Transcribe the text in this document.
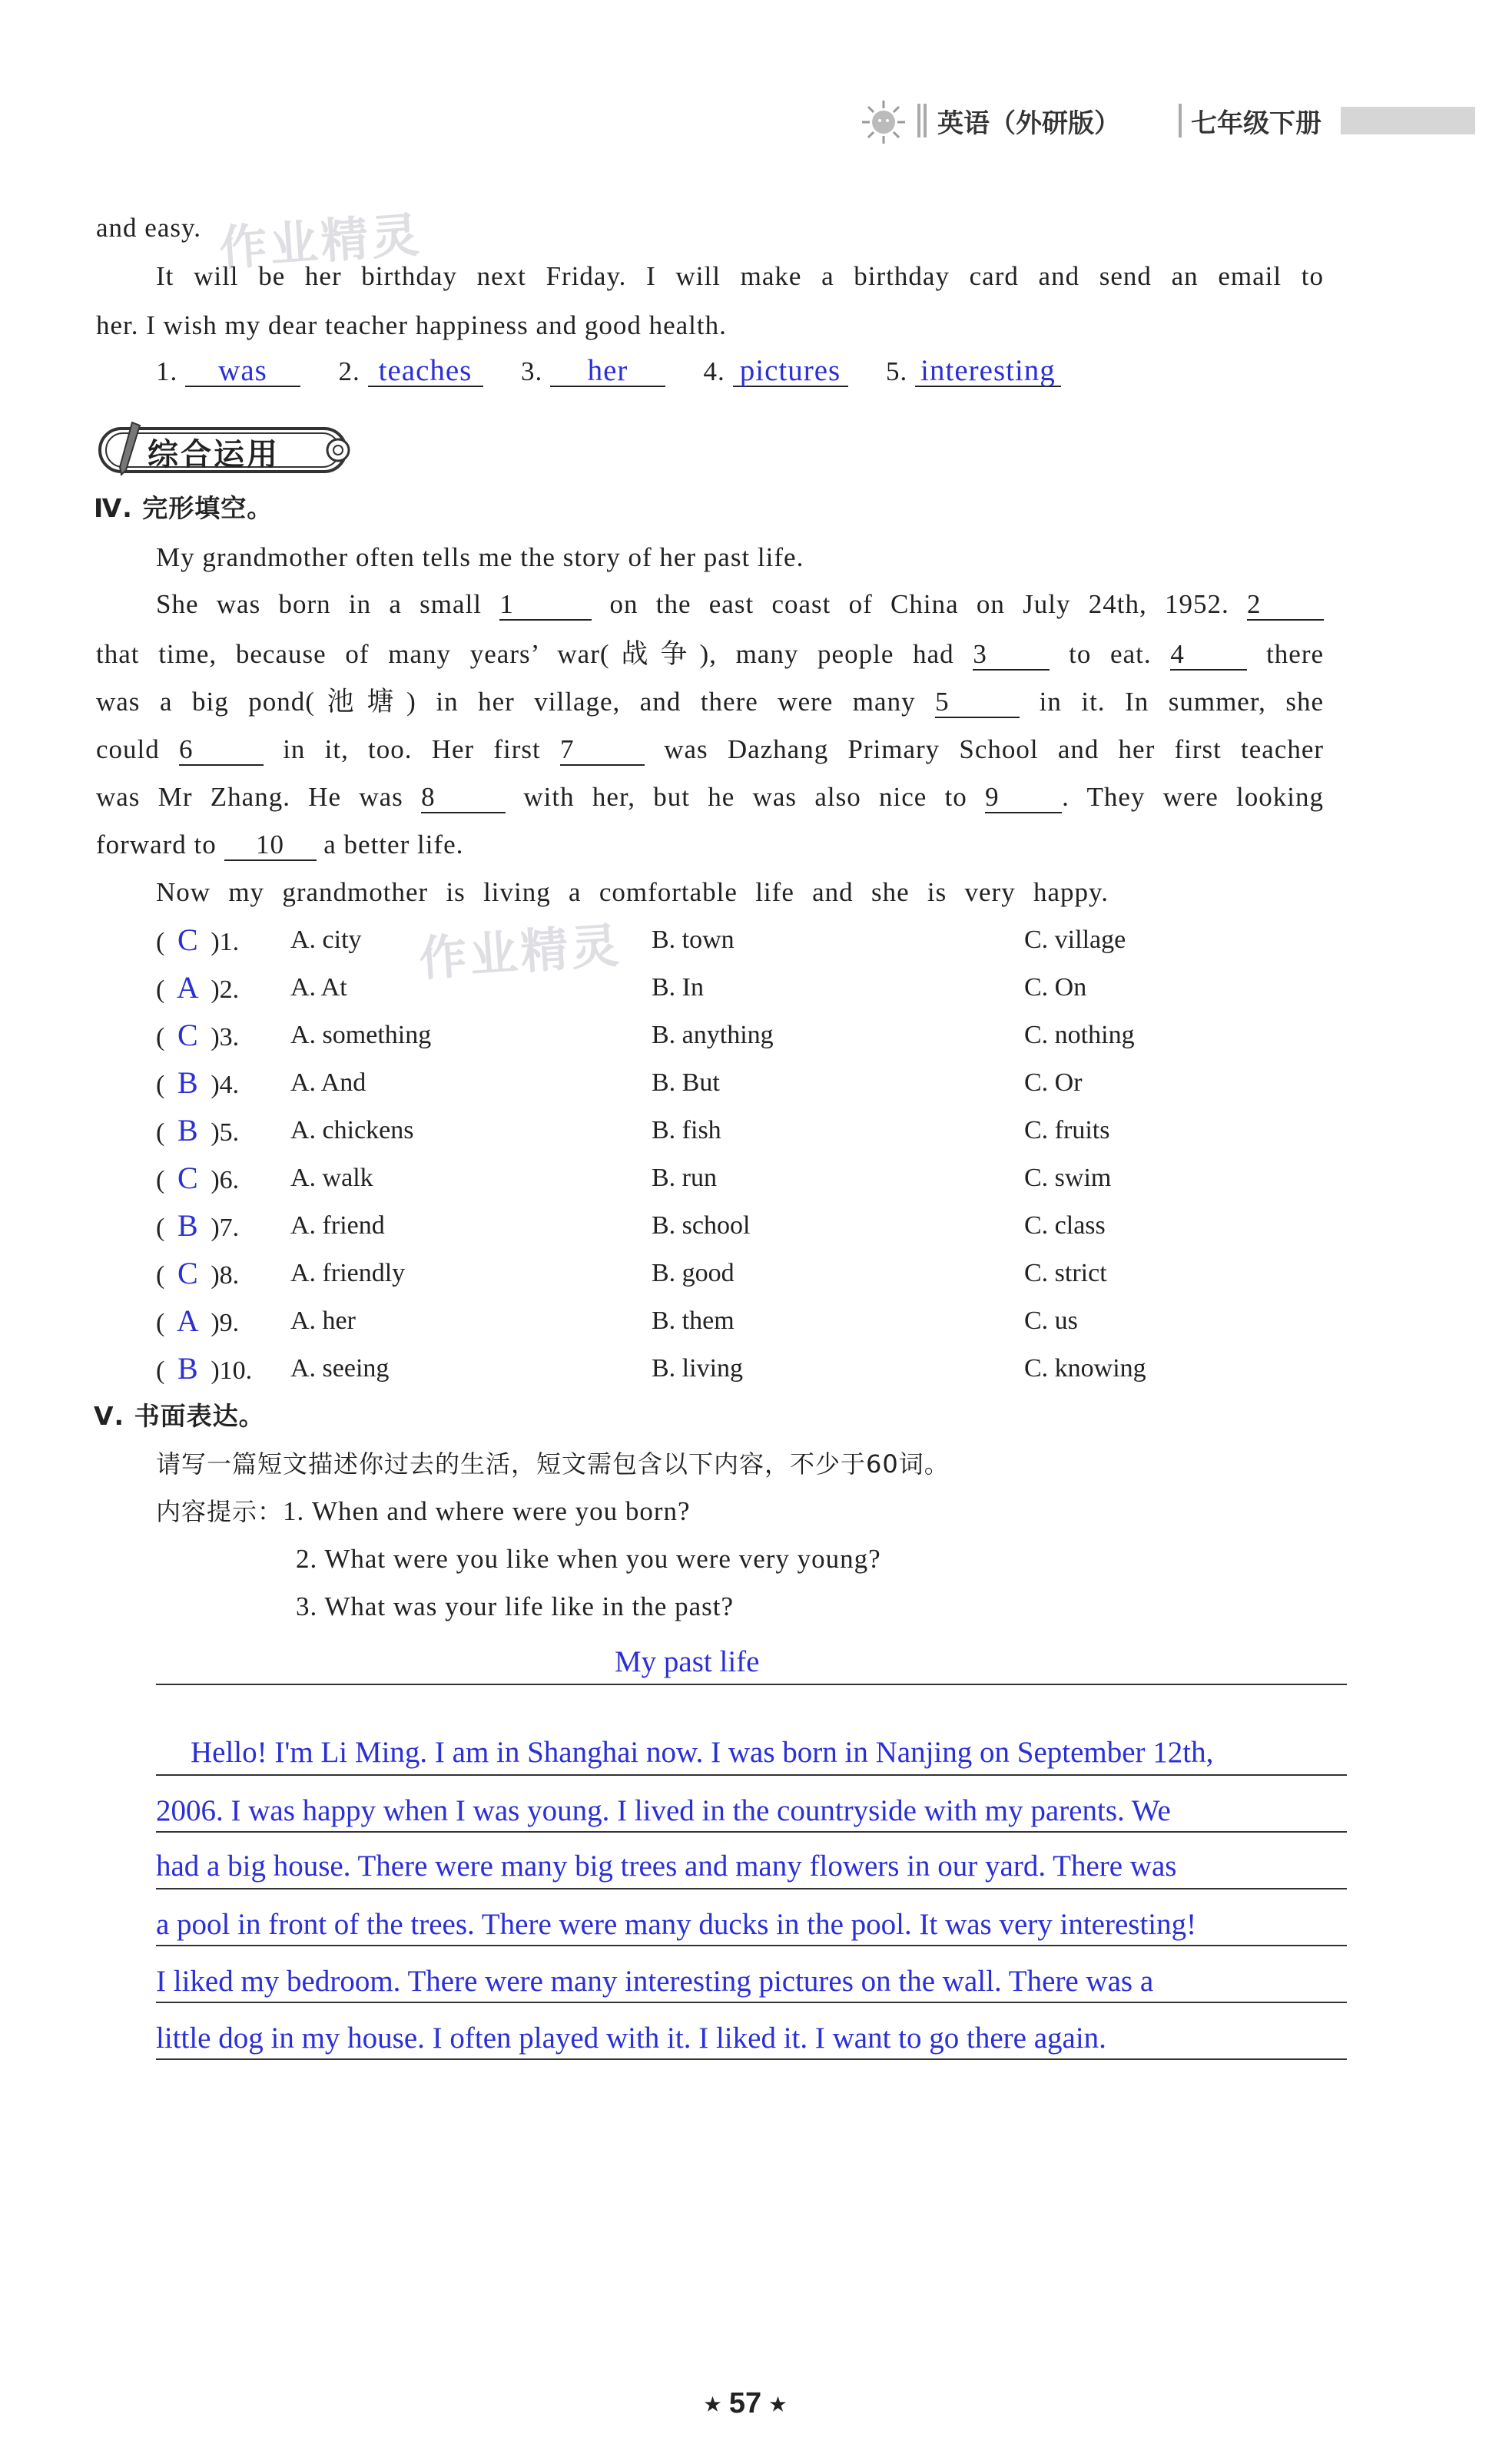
英语（外研版）	七年级下册
作业精灵
作业精灵
and easy.
It will be her birthday next Friday. I will make a birthday card and send an email to
her. I wish my dear teacher happiness and good health.
1. was	2. teaches 3. her	4. pictures 5. interesting
综合运用
Ⅳ. 完形填空。
My grandmother often tells me the story of her past life.
She was born in a small 1	on the east coast of China on July 24th, 1952. 2
that time, because of many years’ war(战争), many people had 3	to eat. 4	there
was a big pond(池塘) in her village, and there were many 5	in it. In summer, she
could 6	in it, too. Her first 7	was Dazhang Primary School and her first teacher
was Mr Zhang. He was 8	with her, but he was also nice to 9 . They were looking
forward to 10 a better life.
Now my grandmother is living a comfortable life and she is very happy.
( C )1. A. city	B. town	C. village
( A )2. A. At	B. In	C. On
( C )3. A. something	B. anything	C. nothing
( B )4. A. And	B. But	C. Or
( B )5. A. chickens	B. fish	C. fruits
( C )6. A. walk	B. run	C. swim
( B )7. A. friend	B. school	C. class
( C )8. A. friendly	B. good	C. strict
( A )9. A. her	B. them	C. us
( B )10. A. seeing	B. living	C. knowing
Ⅴ. 书面表达。
请写一篇短文描述你过去的生活，短文需包含以下内容，不少于60词。
内容提示：1. When and where were you born?
2. What were you like when you were very young?
3. What was your life like in the past?
My past life
Hello! I'm Li Ming. I am in Shanghai now. I was born in Nanjing on September 12th,
2006. I was happy when I was young. I lived in the countryside with my parents. We
had a big house. There were many big trees and many flowers in our yard. There was
a pool in front of the trees. There were many ducks in the pool. It was very interesting!
I liked my bedroom. There were many interesting pictures on the wall. There was a
little dog in my house. I often played with it. I liked it. I want to go there again.
★ 57 ★
